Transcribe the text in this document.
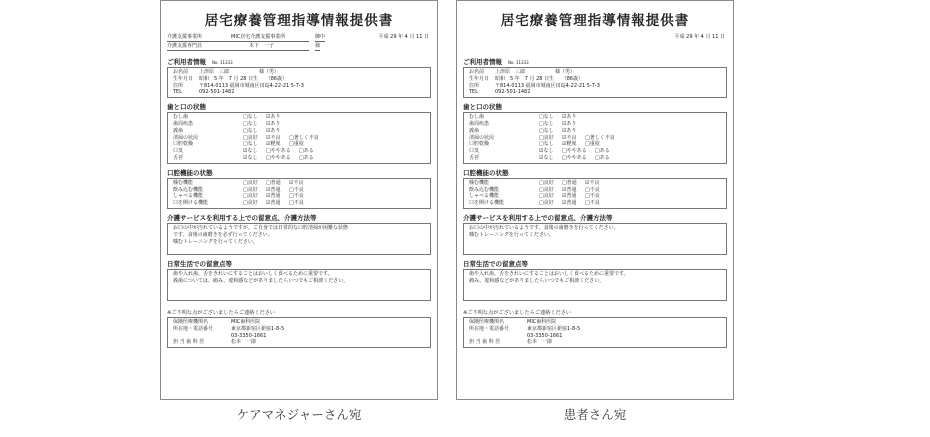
居宅療養管理指導情報提供書
介護支援事業所	MIC居宅介護支援事業所	御中
介護支援専門員	木下　一子	様
平成 29 年 4 月 11 日
ご利用者情報 No. 11333
お名前	上津原　三郎　　　　　　様（男）
生年月日	昭和　5 年　7 月 28 日生　　（86歳）
住所	〒814-0113 福岡市城南区田島4-22-21 5-7-3
TEL	092-501-1482
歯と口の状態
むし歯	□なし	☑あり
歯周疾患	□なし	☑あり
義歯	□なし	☑あり
清掃の状況	□良好	☑不良	□著しく不良
口腔乾燥	□なし	☑軽度	□重度
口臭	☑なし	□ややある	□ある
舌苔	☑なし	□ややある	□ある
口腔機能の状態
噛む機能	□良好	□普通	☑不良
飲み込む機能	□良好	☑普通	□不良
しゃべる機能	□良好	☑普通	□不良
口を開ける機能	□良好	☑普通	□不良
介護サービスを利用する上での留意点、介護方法等
お口の中が汚れているようですが、ご自身では日常的な口腔清掃が困難な状態
です。食後の歯磨きを必ず行ってください。
噛むトレーニングを行ってください。
日常生活での留意点等
歯や入れ歯、舌をきれいにすることはおいしく食べるために重要です。
義歯については、痛み、違和感などがありましたらいつでもご相談ください。
※ご不明な点がございましたらご連絡ください
保険医療機関名	MIC歯科医院
所在地・電話番号	東京都新宿区新宿1-8-5
03-3350-1661
担 当 歯 科 医	松本　一郎
居宅療養管理指導情報提供書
平成 29 年 4 月 11 日
ご利用者情報 No. 11333
お名前	上津原　三郎　　　　　　様（男）
生年月日	昭和　5 年　7 月 28 日生　　（86歳）
住所	〒814-0113 福岡市城南区田島4-22-21 5-7-3
TEL	092-501-1482
歯と口の状態
むし歯	□なし	☑あり
歯周疾患	□なし	☑あり
義歯	□なし	☑あり
清掃の状況	□良好	☑不良	□著しく不良
口腔乾燥	□なし	☑軽度	□重度
口臭	☑なし	□ややある	□ある
舌苔	☑なし	□ややある	□ある
口腔機能の状態
噛む機能	□良好	□普通	☑不良
飲み込む機能	□良好	☑普通	□不良
しゃべる機能	□良好	☑普通	□不良
口を開ける機能	□良好	☑普通	□不良
介護サービスを利用する上での留意点、介護方法等
お口の中が汚れているようです。食後の歯磨きを行ってください。
噛むトレーニングを行ってください。
日常生活での留意点等
歯や入れ歯、舌をきれいにすることはおいしく食べるために重要です。
痛み、違和感などがありましたらいつでもご相談ください。
※ご不明な点がございましたらご連絡ください
保険医療機関名	MIC歯科医院
所在地・電話番号	東京都新宿区新宿1-8-5
03-3350-1661
担 当 歯 科 医	松本　一郎
ケアマネジャーさん宛	患者さん宛
